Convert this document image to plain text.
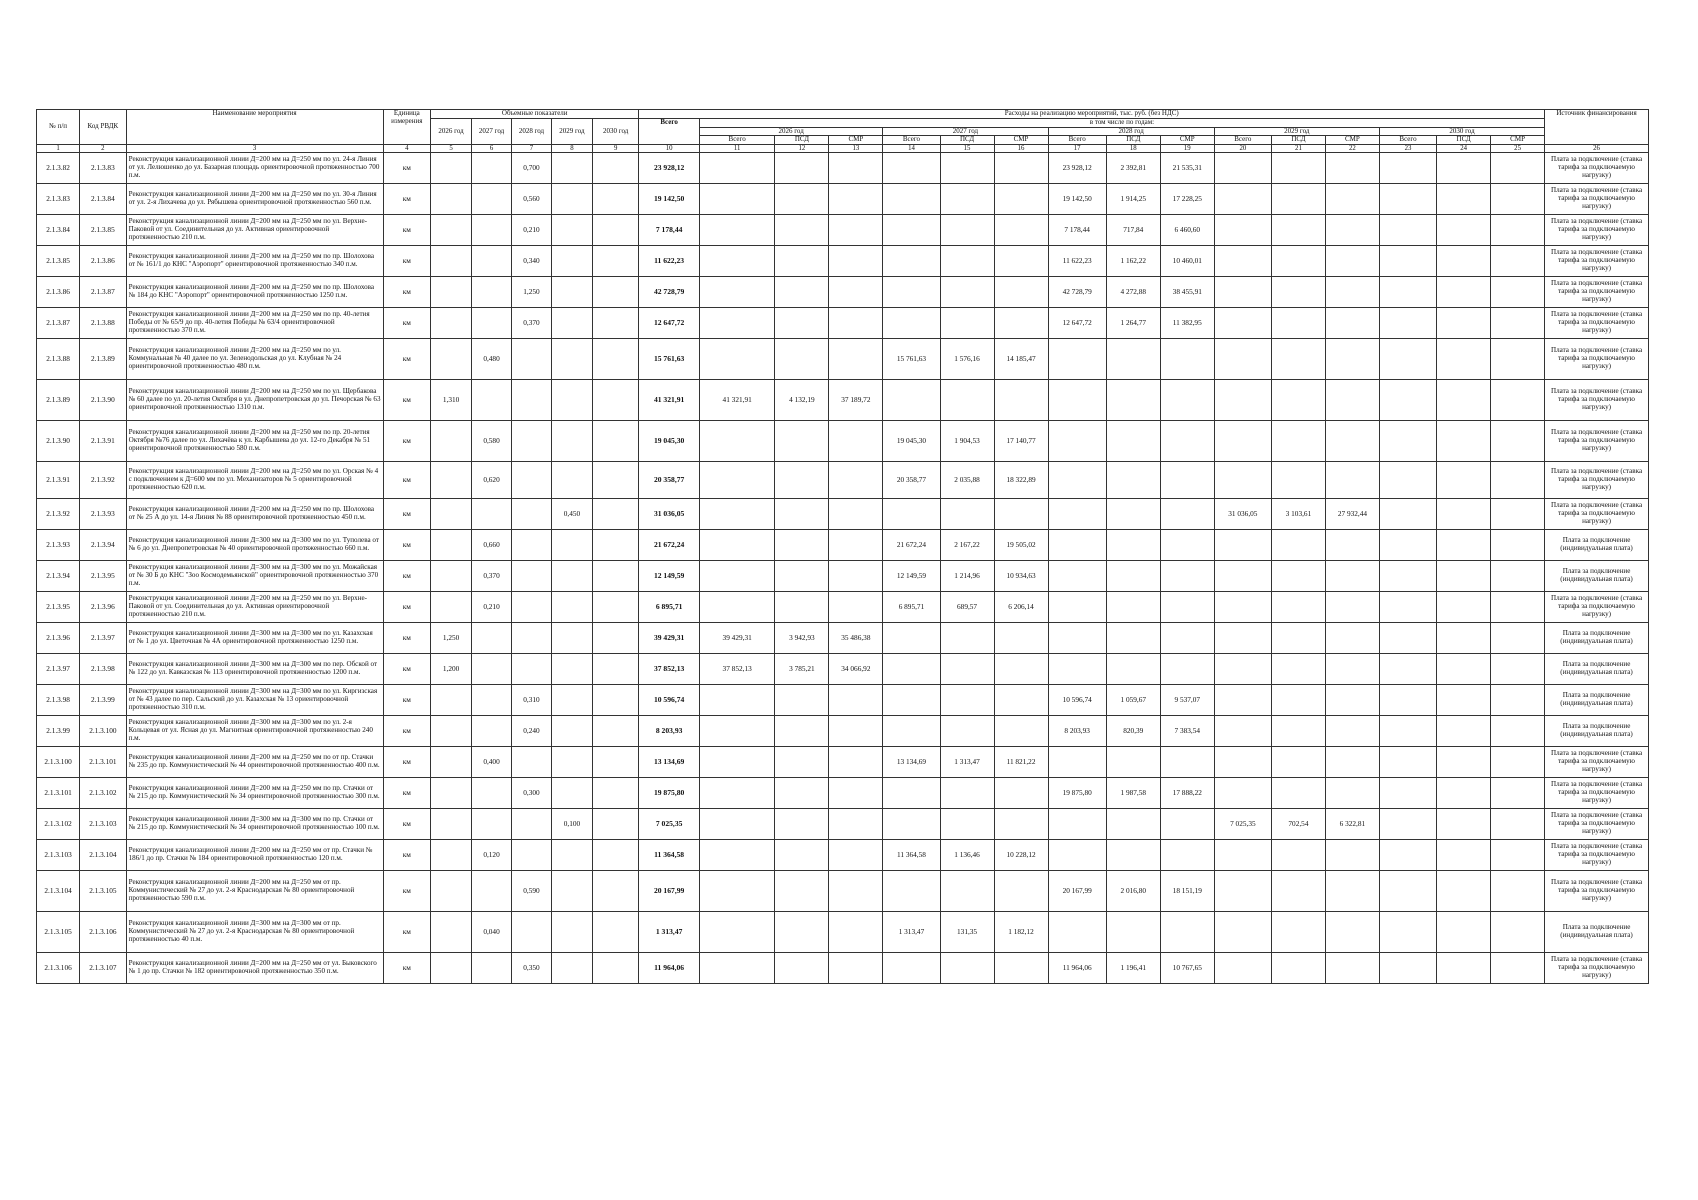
№ п/п	Код РВДК	Наименование мероприятия	Единица измерения	Объемные показатели					Расходы на реализацию мероприятий, тыс. руб. (без НДС)																Источник финансирования
				2026 год	2027 год	2028 год	2029 год	2030 год	Всего	в том числе по годам:															
										2026 год			2027 год			2028 год			2029 год			2030 год			
										Всего	ПСД	СМР	Всего	ПСД	СМР	Всего	ПСД	СМР	Всего	ПСД	СМР	Всего	ПСД	СМР	
1	2	3	4	5	6	7	8	9	10	11	12	13	14	15	16	17	18	19	20	21	22	23	24	25	26
2.1.3.82	2.1.3.83	Реконструкция канализационной линии Д=200 мм на Д=250 мм по ул. 24-я Линия от ул. Лелюшенко до ул. Базарная площадь ориентировочной протяженностью 700 п.м.	км			0,700			23 928,12							23 928,12	2 392,81	21 535,31							Плата за подключение (ставка тарифа за подключаемую нагрузку)
2.1.3.83	2.1.3.84	Реконструкция канализационной линии Д=200 мм на Д=250 мм по ул. 30-я Линия от ул. 2-я Лихачева до ул. Рябышева ориентировочной протяженностью 560 п.м.	км			0,560			19 142,50							19 142,50	1 914,25	17 228,25							Плата за подключение (ставка тарифа за подключаемую нагрузку)
2.1.3.84	2.1.3.85	Реконструкция канализационной линии Д=200 мм на Д=250 мм по ул. Верхне-Паковой от ул. Соединительная до ул. Активная ориентировочной протяженностью 210 п.м.	км			0,210			7 178,44							7 178,44	717,84	6 460,60							Плата за подключение (ставка тарифа за подключаемую нагрузку)
2.1.3.85	2.1.3.86	Реконструкция канализационной линии Д=200 мм на Д=250 мм по пр. Шолохова от № 161/1 до КНС "Аэропорт" ориентировочной протяженностью 340 п.м.	км			0,340			11 622,23							11 622,23	1 162,22	10 460,01							Плата за подключение (ставка тарифа за подключаемую нагрузку)
2.1.3.86	2.1.3.87	Реконструкция канализационной линии Д=200 мм на Д=250 мм по пр. Шолохова № 184 до КНС "Аэропорт" ориентировочной протяженностью 1250 п.м.	км			1,250			42 728,79							42 728,79	4 272,88	38 455,91							Плата за подключение (ставка тарифа за подключаемую нагрузку)
2.1.3.87	2.1.3.88	Реконструкция канализационной линии Д=200 мм на Д=250 мм по пр. 40-летия Победы от № 65/9 до пр. 40-летия Победы № 63/4 ориентировочной протяженностью 370 п.м.	км			0,370			12 647,72							12 647,72	1 264,77	11 382,95							Плата за подключение (ставка тарифа за подключаемую нагрузку)
2.1.3.88	2.1.3.89	Реконструкция канализационной линии Д=200 мм на Д=250 мм по ул. Коммунальная № 40 далее по ул. Зеленодольская до ул. Клубная № 24 ориентировочной протяженностью 480 п.м.	км		0,480				15 761,63				15 761,63	1 576,16	14 185,47										Плата за подключение (ставка тарифа за подключаемую нагрузку)
2.1.3.89	2.1.3.90	Реконструкция канализационной линии Д=200 мм на Д=250 мм по ул. Щербакова № 60 далее по ул. 20-летия Октября в ул. Днепропетровская до ул. Печорская № 63 ориентировочной протяженностью 1310 п.м.	км	1,310					41 321,91	41 321,91	4 132,19	37 189,72													Плата за подключение (ставка тарифа за подключаемую нагрузку)
2.1.3.90	2.1.3.91	Реконструкция канализационной линии Д=200 мм на Д=250 мм по пр. 20-летия Октября №76 далее по ул. Лихачёва к ул. Карбышева до ул. 12-го Декабря № 51 ориентировочной протяженностью 580 п.м.	км		0,580				19 045,30				19 045,30	1 904,53	17 140,77										Плата за подключение (ставка тарифа за подключаемую нагрузку)
2.1.3.91	2.1.3.92	Реконструкция канализационной линии Д=200 мм на Д=250 мм по ул. Орская № 4 с подключением к Д=600 мм по ул. Механизаторов № 5 ориентировочной протяженностью 620 п.м.	км		0,620				20 358,77				20 358,77	2 035,88	18 322,89										Плата за подключение (ставка тарифа за подключаемую нагрузку)
2.1.3.92	2.1.3.93	Реконструкция канализационной линии Д=200 мм на Д=250 мм по пр. Шолохова от № 25 А до ул. 14-я Линия № 88 ориентировочной протяженностью 450 п.м.	км				0,450		31 036,05										31 036,05	3 103,61	27 932,44				Плата за подключение (ставка тарифа за подключаемую нагрузку)
2.1.3.93	2.1.3.94	Реконструкция канализационной линии Д=300 мм на Д=300 мм по ул. Туполева от № 6 до ул. Днепропетровская № 40 ориентировочной протяженностью 660 п.м.	км		0,660				21 672,24				21 672,24	2 167,22	19 505,02										Плата за подключение (индивидуальная плата)
2.1.3.94	2.1.3.95	Реконструкция канализационной линии Д=300 мм на Д=300 мм по ул. Можайская от № 30 Б до КНС "Зоо Космодемьянской" ориентировочной протяженностью 370 п.м.	км		0,370				12 149,59				12 149,59	1 214,96	10 934,63										Плата за подключение (индивидуальная плата)
2.1.3.95	2.1.3.96	Реконструкция канализационной линии Д=200 мм на Д=250 мм по ул. Верхне-Паковой от ул. Соединительная до ул. Активная ориентировочной протяженностью 210 п.м.	км		0,210				6 895,71				6 895,71	689,57	6 206,14										Плата за подключение (ставка тарифа за подключаемую нагрузку)
2.1.3.96	2.1.3.97	Реконструкция канализационной линии Д=300 мм на Д=300 мм по ул. Казахская от № 1 до ул. Цветочная № 4А ориентировочной протяженностью 1250 п.м.	км	1,250					39 429,31	39 429,31	3 942,93	35 486,38													Плата за подключение (индивидуальная плата)
2.1.3.97	2.1.3.98	Реконструкция канализационной линии Д=300 мм на Д=300 мм по пер. Обской от № 122 до ул. Кавказская № 113 ориентировочной протяженностью 1200 п.м.	км	1,200					37 852,13	37 852,13	3 785,21	34 066,92													Плата за подключение (индивидуальная плата)
2.1.3.98	2.1.3.99	Реконструкция канализационной линии Д=300 мм на Д=300 мм по ул. Киргизская от № 43 далее по пер. Сальский до ул. Казахская № 13 ориентировочной протяженностью 310 п.м.	км			0,310			10 596,74							10 596,74	1 059,67	9 537,07							Плата за подключение (индивидуальная плата)
2.1.3.99	2.1.3.100	Реконструкция канализационной линии Д=300 мм на Д=300 мм по ул. 2-я Кольцевая от ул. Ясная до ул. Магнитная ориентировочной протяженностью 240 п.м.	км			0,240			8 203,93							8 203,93	820,39	7 383,54							Плата за подключение (индивидуальная плата)
2.1.3.100	2.1.3.101	Реконструкция канализационной линии Д=200 мм на Д=250 мм по от пр. Стачки № 235 до пр. Коммунистический № 44 ориентировочной протяженностью 400 п.м.	км		0,400				13 134,69				13 134,69	1 313,47	11 821,22										Плата за подключение (ставка тарифа за подключаемую нагрузку)
2.1.3.101	2.1.3.102	Реконструкция канализационной линии Д=200 мм на Д=250 мм по пр. Стачки от № 215 до пр. Коммунистический № 34 ориентировочной протяженностью 300 п.м.	км			0,300			19 875,80							19 875,80	1 987,58	17 888,22							Плата за подключение (ставка тарифа за подключаемую нагрузку)
2.1.3.102	2.1.3.103	Реконструкция канализационной линии Д=300 мм на Д=300 мм по пр. Стачки от № 215 до пр. Коммунистический № 34 ориентировочной протяженностью 100 п.м.	км				0,100		7 025,35										7 025,35	702,54	6 322,81				Плата за подключение (ставка тарифа за подключаемую нагрузку)
2.1.3.103	2.1.3.104	Реконструкция канализационной линии Д=200 мм на Д=250 мм от пр. Стачки № 186/1 до пр. Стачки № 184 ориентировочной протяженностью 120 п.м.	км		0,120				11 364,58				11 364,58	1 136,46	10 228,12										Плата за подключение (ставка тарифа за подключаемую нагрузку)
2.1.3.104	2.1.3.105	Реконструкция канализационной линии Д=200 мм на Д=250 мм от пр. Коммунистический № 27 до ул. 2-я Краснодарская № 80 ориентировочной протяженностью 590 п.м.	км			0,590			20 167,99							20 167,99	2 016,80	18 151,19							Плата за подключение (ставка тарифа за подключаемую нагрузку)
2.1.3.105	2.1.3.106	Реконструкция канализационной линии Д=300 мм на Д=300 мм от пр. Коммунистический № 27 до ул. 2-я Краснодарская № 80 ориентировочной протяженностью 40 п.м.	км		0,040				1 313,47				1 313,47	131,35	1 182,12										Плата за подключение (индивидуальная плата)
2.1.3.106	2.1.3.107	Реконструкция канализационной линии Д=200 мм на Д=250 мм от ул. Быковского № 1 до пр. Стачки № 182 ориентировочной протяженностью 350 п.м.	км			0,350			11 964,06							11 964,06	1 196,41	10 767,65							Плата за подключение (ставка тарифа за подключаемую нагрузку)
